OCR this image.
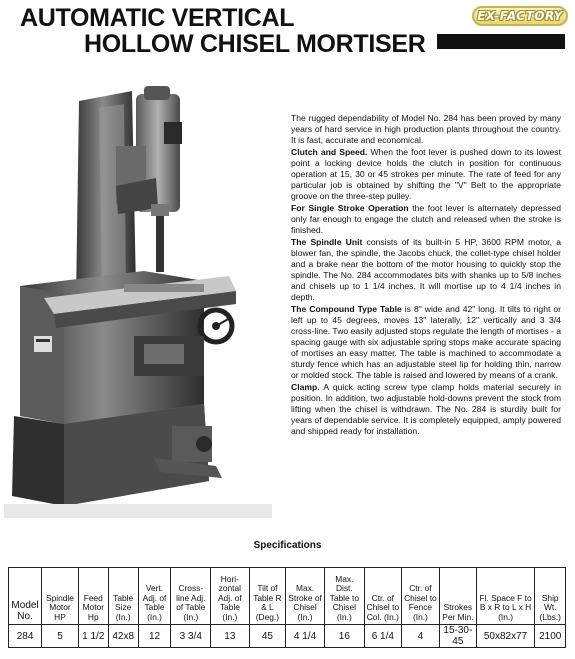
AUTOMATIC VERTICAL
HOLLOW CHISEL MORTISER
EX-FACTORY

The rugged dependability of Model No. 284 has been proved by many years of hard service in high production plants throughout the country. It is fast, accurate and economical.

Clutch and Speed. When the foot lever is pushed down to its lowest point a locking device holds the clutch in position for continuous operation at 15, 30 or 45 strokes per minute. The rate of feed for any particular job is obtained by shifting the "V" Belt to the appropriate groove on the three-step pulley.

For Single Stroke Operation the foot lever is alternately depressed only far enough to engage the clutch and released when the stroke is finished.

The Spindle Unit consists of its built-in 5 HP, 3600 RPM motor, a blower fan, the spindle, the Jacobs chuck, the collet-type chisel holder and a brake near the bottom of the motor housing to quickly stop the spindle. The No. 284 accommodates bits with shanks up to 5/8 inches and chisels up to 1 1/4 inches. It will mortise up to 4 1/4 inches in depth.

The Compound Type Table is 8" wide and 42" long. It tilts to right or left up to 45 degrees, moves 13" laterally, 12" vertically and 3 3/4 cross-line. Two easily adjusted stops regulate the length of mortises - a spacing gauge with six adjustable spring stops make accurate spacing of mortises an easy matter. The table is machined to accommodate a sturdy fence which has an adjustable steel lip for holding thin, narrow or molded stock. The table is raised and lowered by means of a crank.

Clamp. A quick acting screw type clamp holds material securely in position. In addition, two adjustable hold-downs prevent the stock from lifting when the chisel is withdrawn. The No. 284 is sturdily built for years of dependable service. It is completely equipped, amply powered and shipped ready for installation.

Specifications
Model No.	Spindle Motor HP	Feed Motor Hp	Table Size (In.)	Vert. Adj. of Table (In.)	Cross-line Adj. of Table (In.)	Hori-zontal Adj. of Table (In.)	Tilt of Table R & L (Deg.)	Max. Stroke of Chisel (In.)	Max. Dist. Table to Chisel (In.)	Ctr. of Chisel to Col. (In.)	Ctr. of Chisel to Fence (In.)	Strokes Per Min.	Fl. Space F to B x R to L x H (In.)	Ship Wt. (Lbs.)
284	5	1 1/2	42x8	12	3 3/4	13	45	4 1/4	16	6 1/4	4	15-30-45	50x82x77	2100
